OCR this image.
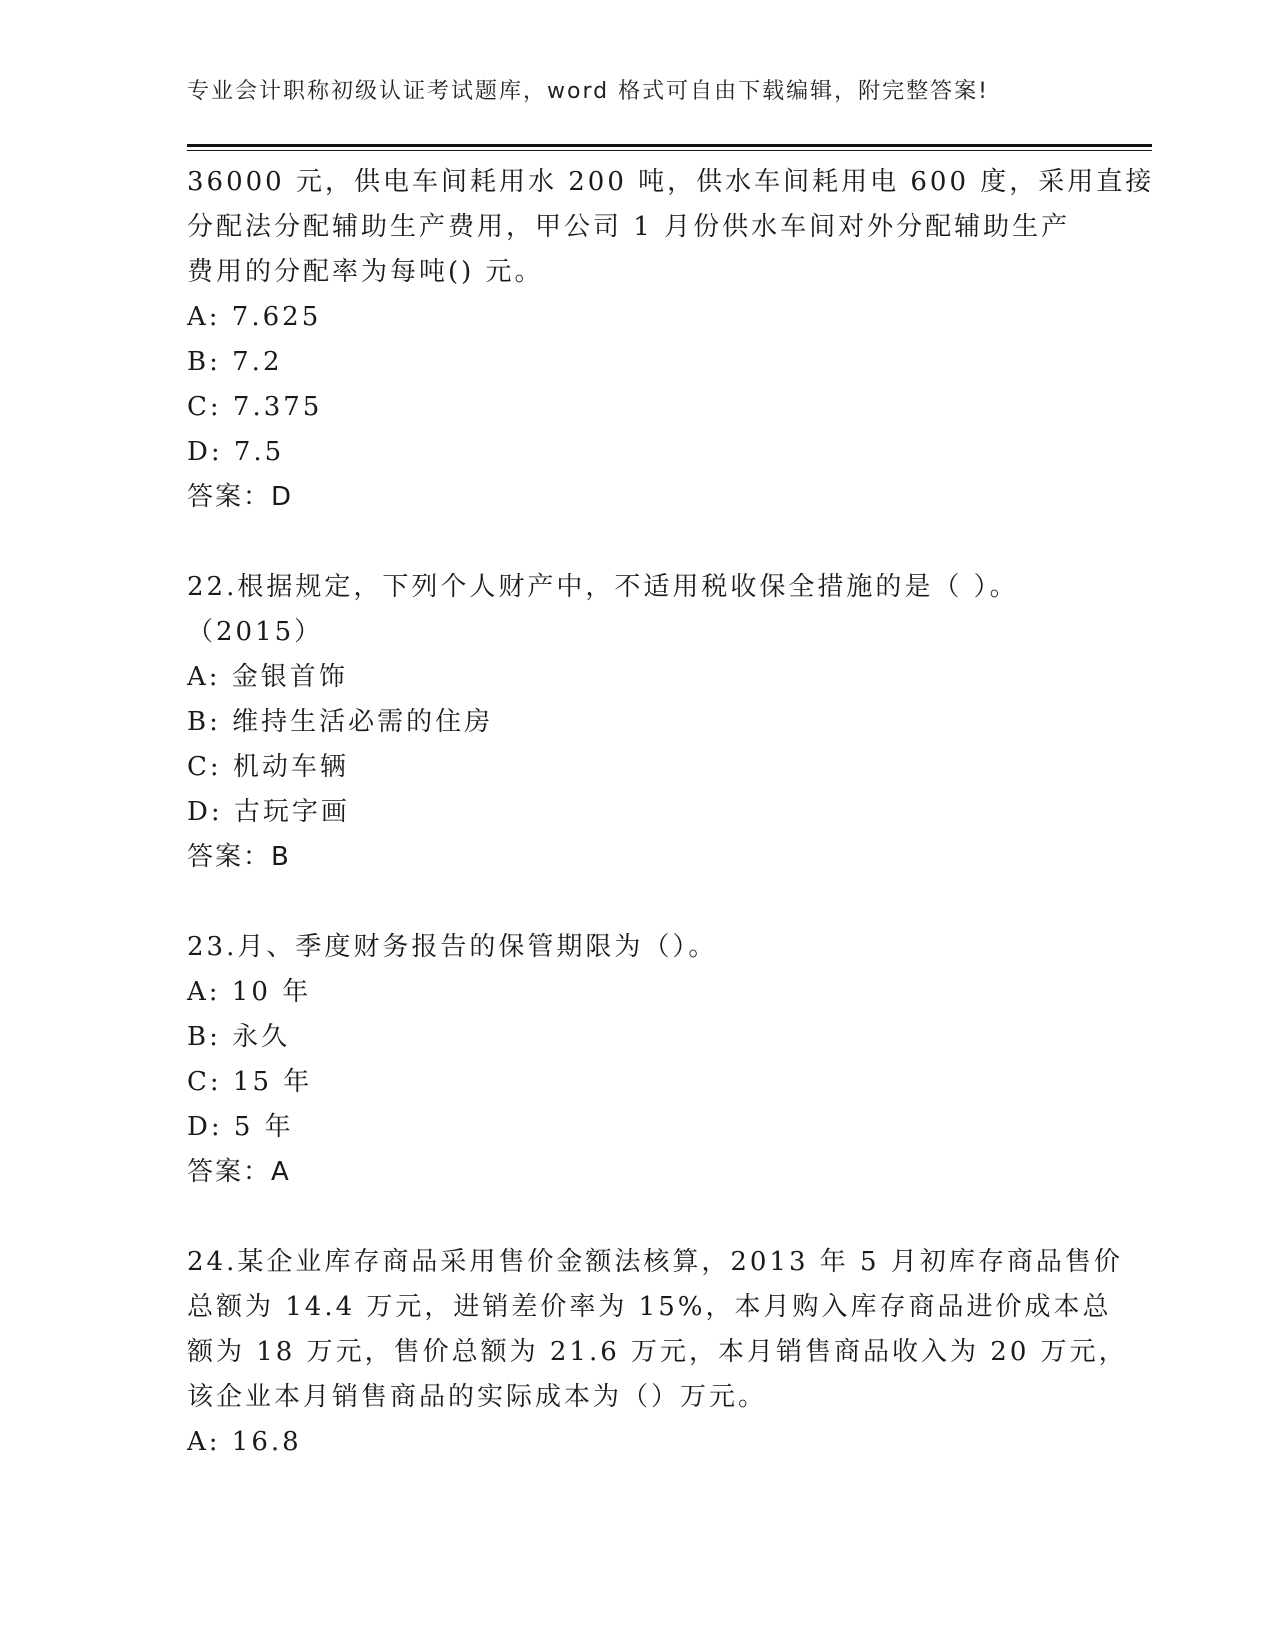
专业会计职称初级认证考试题库，word 格式可自由下载编辑，附完整答案!
36000 元，供电车间耗用水 200 吨，供水车间耗用电 600 度，采用直接
分配法分配辅助生产费用，甲公司 1 月份供水车间对外分配辅助生产
费用的分配率为每吨() 元。
A: 7.625
B: 7.2
C: 7.375
D: 7.5
答案：D
22.根据规定，下列个人财产中，不适用税收保全措施的是（ ）。
（2015）
A: 金银首饰
B: 维持生活必需的住房
C: 机动车辆
D: 古玩字画
答案：B
23.月、季度财务报告的保管期限为（）。
A: 10 年
B: 永久
C: 15 年
D: 5 年
答案：A
24.某企业库存商品采用售价金额法核算，2013 年 5 月初库存商品售价
总额为 14.4 万元，进销差价率为 15%，本月购入库存商品进价成本总
额为 18 万元，售价总额为 21.6 万元，本月销售商品收入为 20 万元，
该企业本月销售商品的实际成本为（）万元。
A: 16.8
